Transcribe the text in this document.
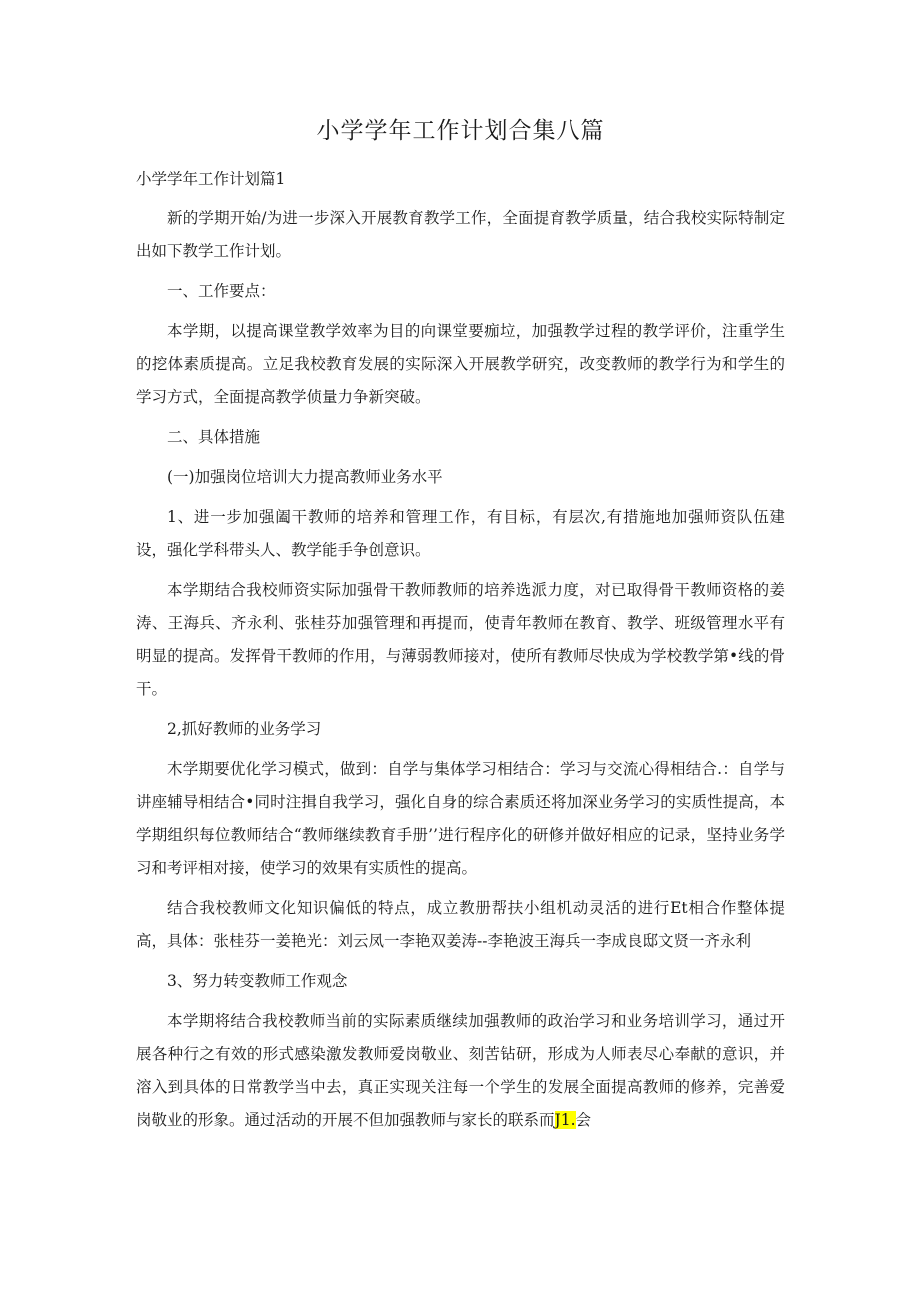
小学学年工作计划合集八篇
小学学年工作计划篇1

新的学期开始/为进一步深入开展教育教学工作，全面提育教学质量，结合我校实际特制定出如下教学工作计划。

一、工作要点：

本学期，以提高课堂教学效率为目的向课堂要痂垃，加强教学过程的教学评价，注重学生的挖体素质提高。立足我校教育发展的实际深入开展教学研究，改变教师的教学行为和学生的学习方式，全面提高教学侦量力争新突破。

二、具体措施

(一)加强岗位培训大力提高教师业务水平

1、进一步加强阖干教师的培养和管理工作，有目标，有层次,有措施地加强师资队伍建设，强化学科带头人、教学能手争创意识。

本学期结合我校师资实际加强骨干教师教师的培养选派力度，对已取得骨干教师资格的姜涛、王海兵、齐永利、张桂芬加强管理和再提而，使青年教师在教育、教学、班级管理水平有明显的提高。发挥骨干教师的作用，与薄弱教师接对，使所有教师尽快成为学校教学第•线的骨干。

2,抓好教师的业务学习

木学期要优化学习模式，做到：自学与集体学习相结合：学习与交流心得相结合.：自学与讲座辅导相结合•同时注揖自我学习，强化自身的综合素质还将加深业务学习的实质性提高，本学期组织每位教师结合“教师继续教育手册’’进行程序化的研修并做好相应的记录，坚持业务学习和考评相对接，使学习的效果有实质性的提高。

结合我校教师文化知识偏低的特点，成立教册帮扶小组机动灵活的进行Et相合作整体提高，具体：张桂芬一姜艳光：刘云凤一李艳双姜涛--李艳波王海兵一李成良邸文贤一齐永利

3、努力转变教师工作观念

本学期将结合我校教师当前的实际素质继续加强教师的政治学习和业务培训学习，通过开展各种行之有效的形式感染激发教师爱岗敬业、刻苦钻研，形成为人师表尽心奉献的意识，并溶入到具体的日常教学当中去，真正实现关注每一个学生的发展全面提高教师的修养，完善爱岗敬业的形象。通过活动的开展不但加强教师与家长的联系而J1.会
